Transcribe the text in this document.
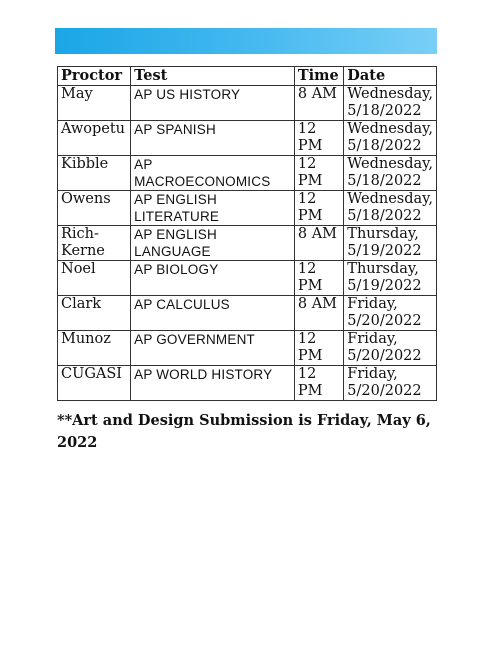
Proctor	Test	Time	Date
May	AP US HISTORY	8 AM	Wednesday, 5/18/2022
Awopetu	AP SPANISH	12 PM	Wednesday, 5/18/2022
Kibble	AP MACROECONOMICS	12 PM	Wednesday, 5/18/2022
Owens	AP ENGLISH LITERATURE	12 PM	Wednesday, 5/18/2022
Rich-Kerne	AP ENGLISH LANGUAGE	8 AM	Thursday, 5/19/2022
Noel	AP BIOLOGY	12 PM	Thursday, 5/19/2022
Clark	AP CALCULUS	8 AM	Friday, 5/20/2022
Munoz	AP GOVERNMENT	12 PM	Friday, 5/20/2022
CUGASI	AP WORLD HISTORY	12 PM	Friday, 5/20/2022
**Art and Design Submission is Friday, May 6, 2022
